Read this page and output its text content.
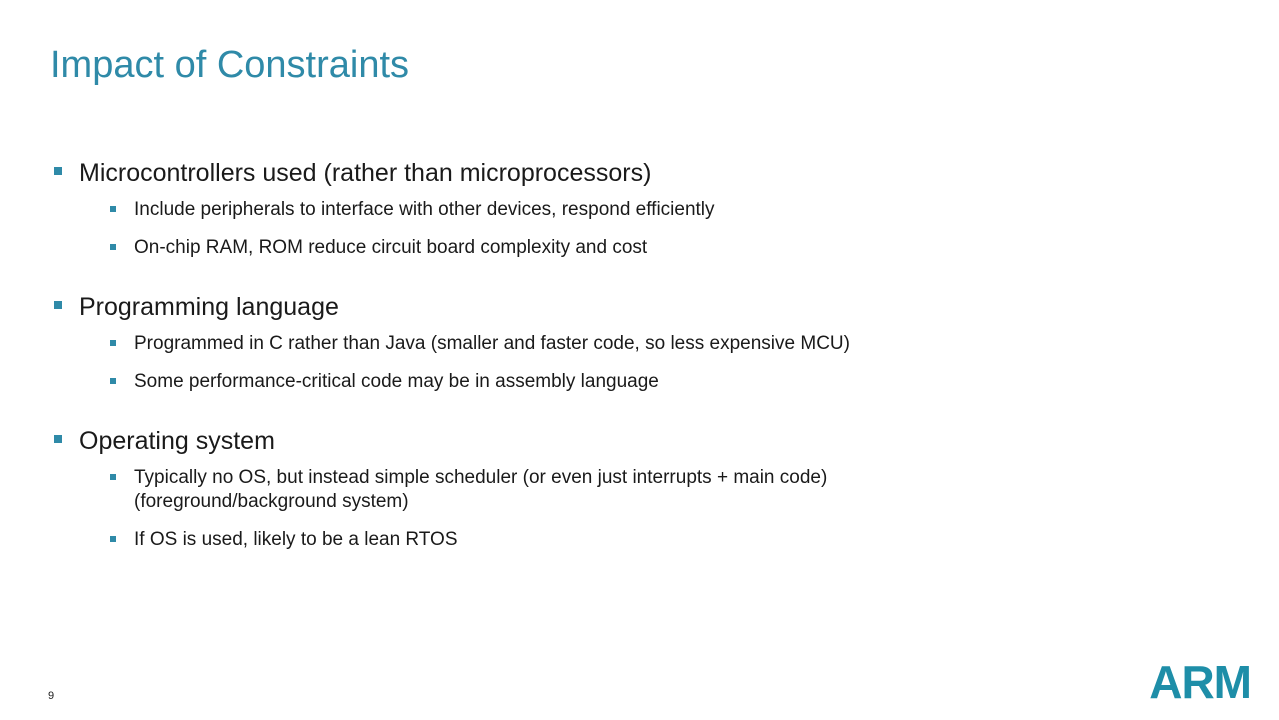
Impact of Constraints
Microcontrollers used (rather than microprocessors)
Include peripherals to interface with other devices, respond efficiently
On-chip RAM, ROM reduce circuit board complexity and cost
Programming language
Programmed in C rather than Java (smaller and faster code, so less expensive MCU)
Some performance-critical code may be in assembly language
Operating system
Typically no OS, but instead simple scheduler (or even just interrupts + main code) (foreground/background system)
If OS is used, likely to be a lean RTOS
9	ARM
